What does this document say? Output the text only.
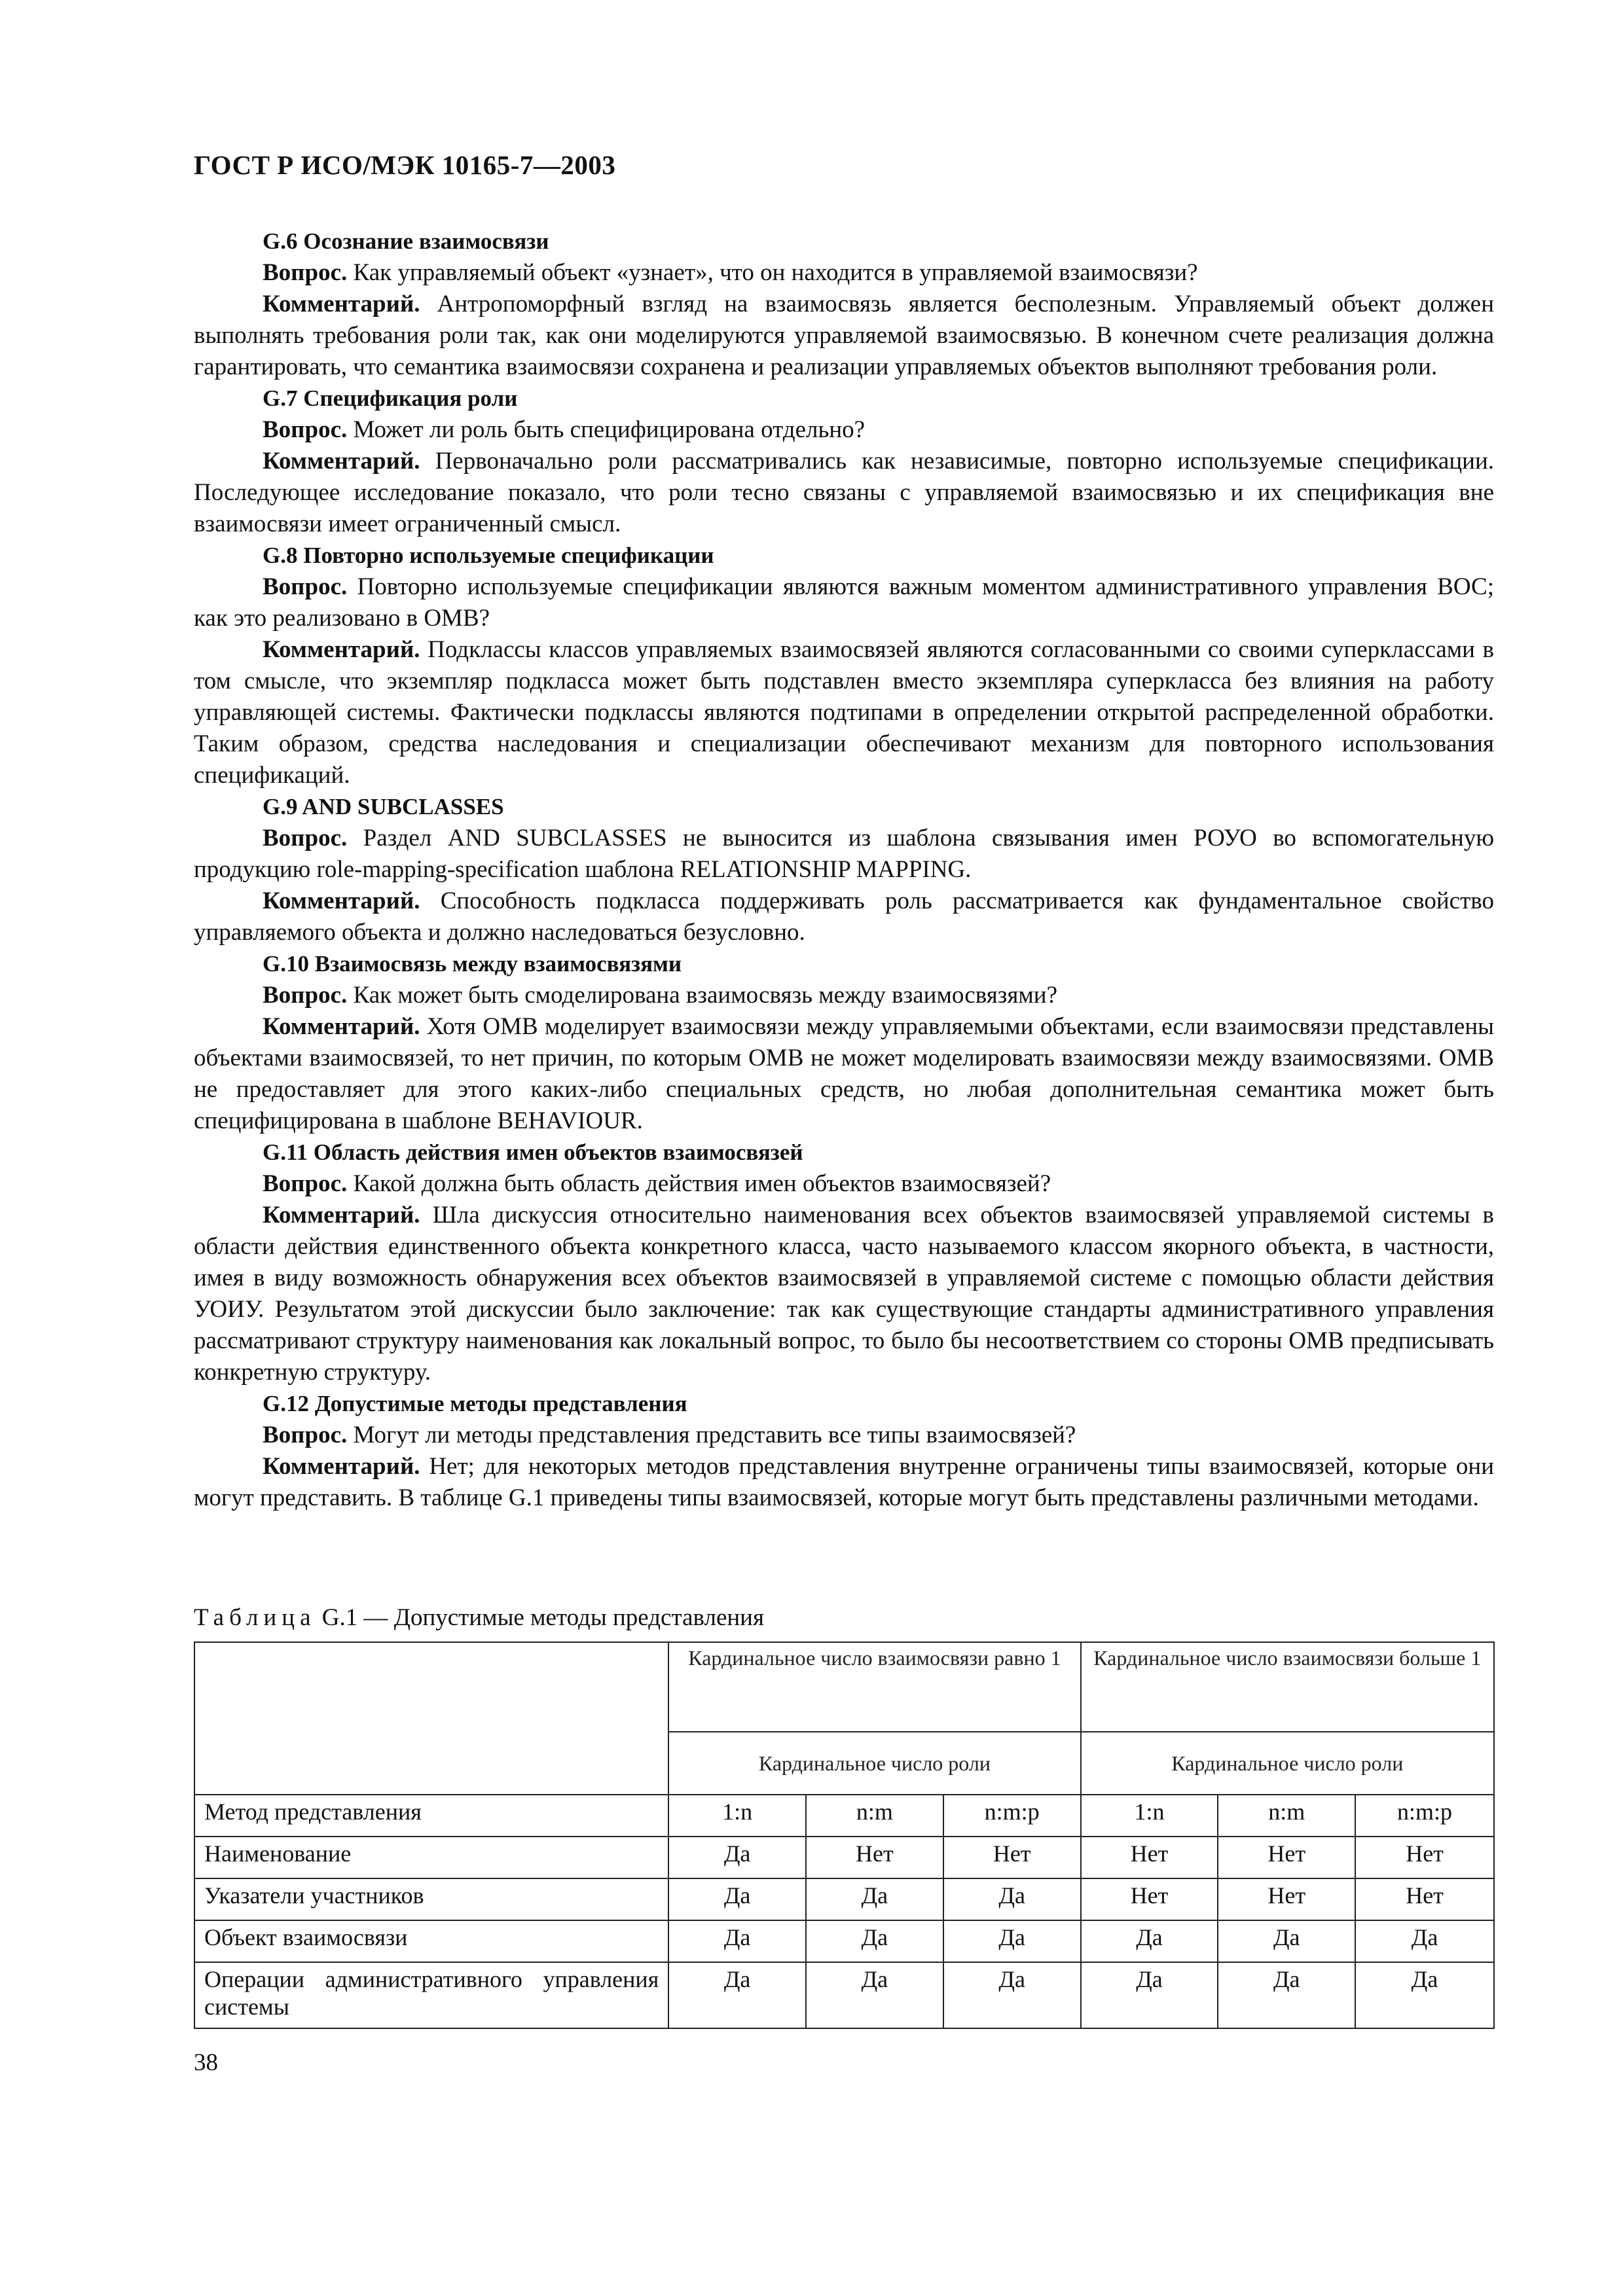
ГОСТ Р ИСО/МЭК 10165-7—2003

G.6 Осознание взаимосвязи

Вопрос. Как управляемый объект «узнает», что он находится в управляемой взаимосвязи?

Комментарий. Антропоморфный взгляд на взаимосвязь является бесполезным. Управляемый объект должен выполнять требования роли так, как они моделируются управляемой взаимосвязью. В конечном счете реализация должна гарантировать, что семантика взаимосвязи сохранена и реализации управляемых объектов выполняют требования роли.

G.7 Спецификация роли

Вопрос. Может ли роль быть специфицирована отдельно?

Комментарий. Первоначально роли рассматривались как независимые, повторно используемые спецификации. Последующее исследование показало, что роли тесно связаны с управляемой взаимосвязью и их спецификация вне взаимосвязи имеет ограниченный смысл.

G.8 Повторно используемые спецификации

Вопрос. Повторно используемые спецификации являются важным моментом административного управления ВОС; как это реализовано в ОМВ?

Комментарий. Подклассы классов управляемых взаимосвязей являются согласованными со своими суперклассами в том смысле, что экземпляр подкласса может быть подставлен вместо экземпляра суперкласса без влияния на работу управляющей системы. Фактически подклассы являются подтипами в определении открытой распределенной обработки. Таким образом, средства наследования и специализации обеспечивают механизм для повторного использования спецификаций.

G.9 AND SUBCLASSES

Вопрос. Раздел AND SUBCLASSES не выносится из шаблона связывания имен РОУО во вспомогательную продукцию role-mapping-specification шаблона RELATIONSHIP MAPPING.

Комментарий. Способность подкласса поддерживать роль рассматривается как фундаментальное свойство управляемого объекта и должно наследоваться безусловно.

G.10 Взаимосвязь между взаимосвязями

Вопрос. Как может быть смоделирована взаимосвязь между взаимосвязями?

Комментарий. Хотя ОМВ моделирует взаимосвязи между управляемыми объектами, если взаимосвязи представлены объектами взаимосвязей, то нет причин, по которым ОМВ не может моделировать взаимосвязи между взаимосвязями. ОМВ не предоставляет для этого каких-либо специальных средств, но любая дополнительная семантика может быть специфицирована в шаблоне BEHAVIOUR.

G.11 Область действия имен объектов взаимосвязей

Вопрос. Какой должна быть область действия имен объектов взаимосвязей?

Комментарий. Шла дискуссия относительно наименования всех объектов взаимосвязей управляемой системы в области действия единственного объекта конкретного класса, часто называемого классом якорного объекта, в частности, имея в виду возможность обнаружения всех объектов взаимосвязей в управляемой системе с помощью области действия УОИУ. Результатом этой дискуссии было заключение: так как существующие стандарты административного управления рассматривают структуру наименования как локальный вопрос, то было бы несоответствием со стороны ОМВ предписывать конкретную структуру.

G.12 Допустимые методы представления

Вопрос. Могут ли методы представления представить все типы взаимосвязей?

Комментарий. Нет; для некоторых методов представления внутренне ограничены типы взаимосвязей, которые они могут представить. В таблице G.1 приведены типы взаимосвязей, которые могут быть представлены различными методами.

Таблица G.1 — Допустимые методы представления
	Кардинальное число взаимосвязи равно 1			Кардинальное число взаимосвязи больше 1		
	Кардинальное число роли			Кардинальное число роли		
Метод представления	1:n	n:m	n:m:p	1:n	n:m	n:m:p
Наименование	Да	Нет	Нет	Нет	Нет	Нет
Указатели участников	Да	Да	Да	Нет	Нет	Нет
Объект взаимосвязи	Да	Да	Да	Да	Да	Да
Операции административного управления системы	Да	Да	Да	Да	Да	Да
38
